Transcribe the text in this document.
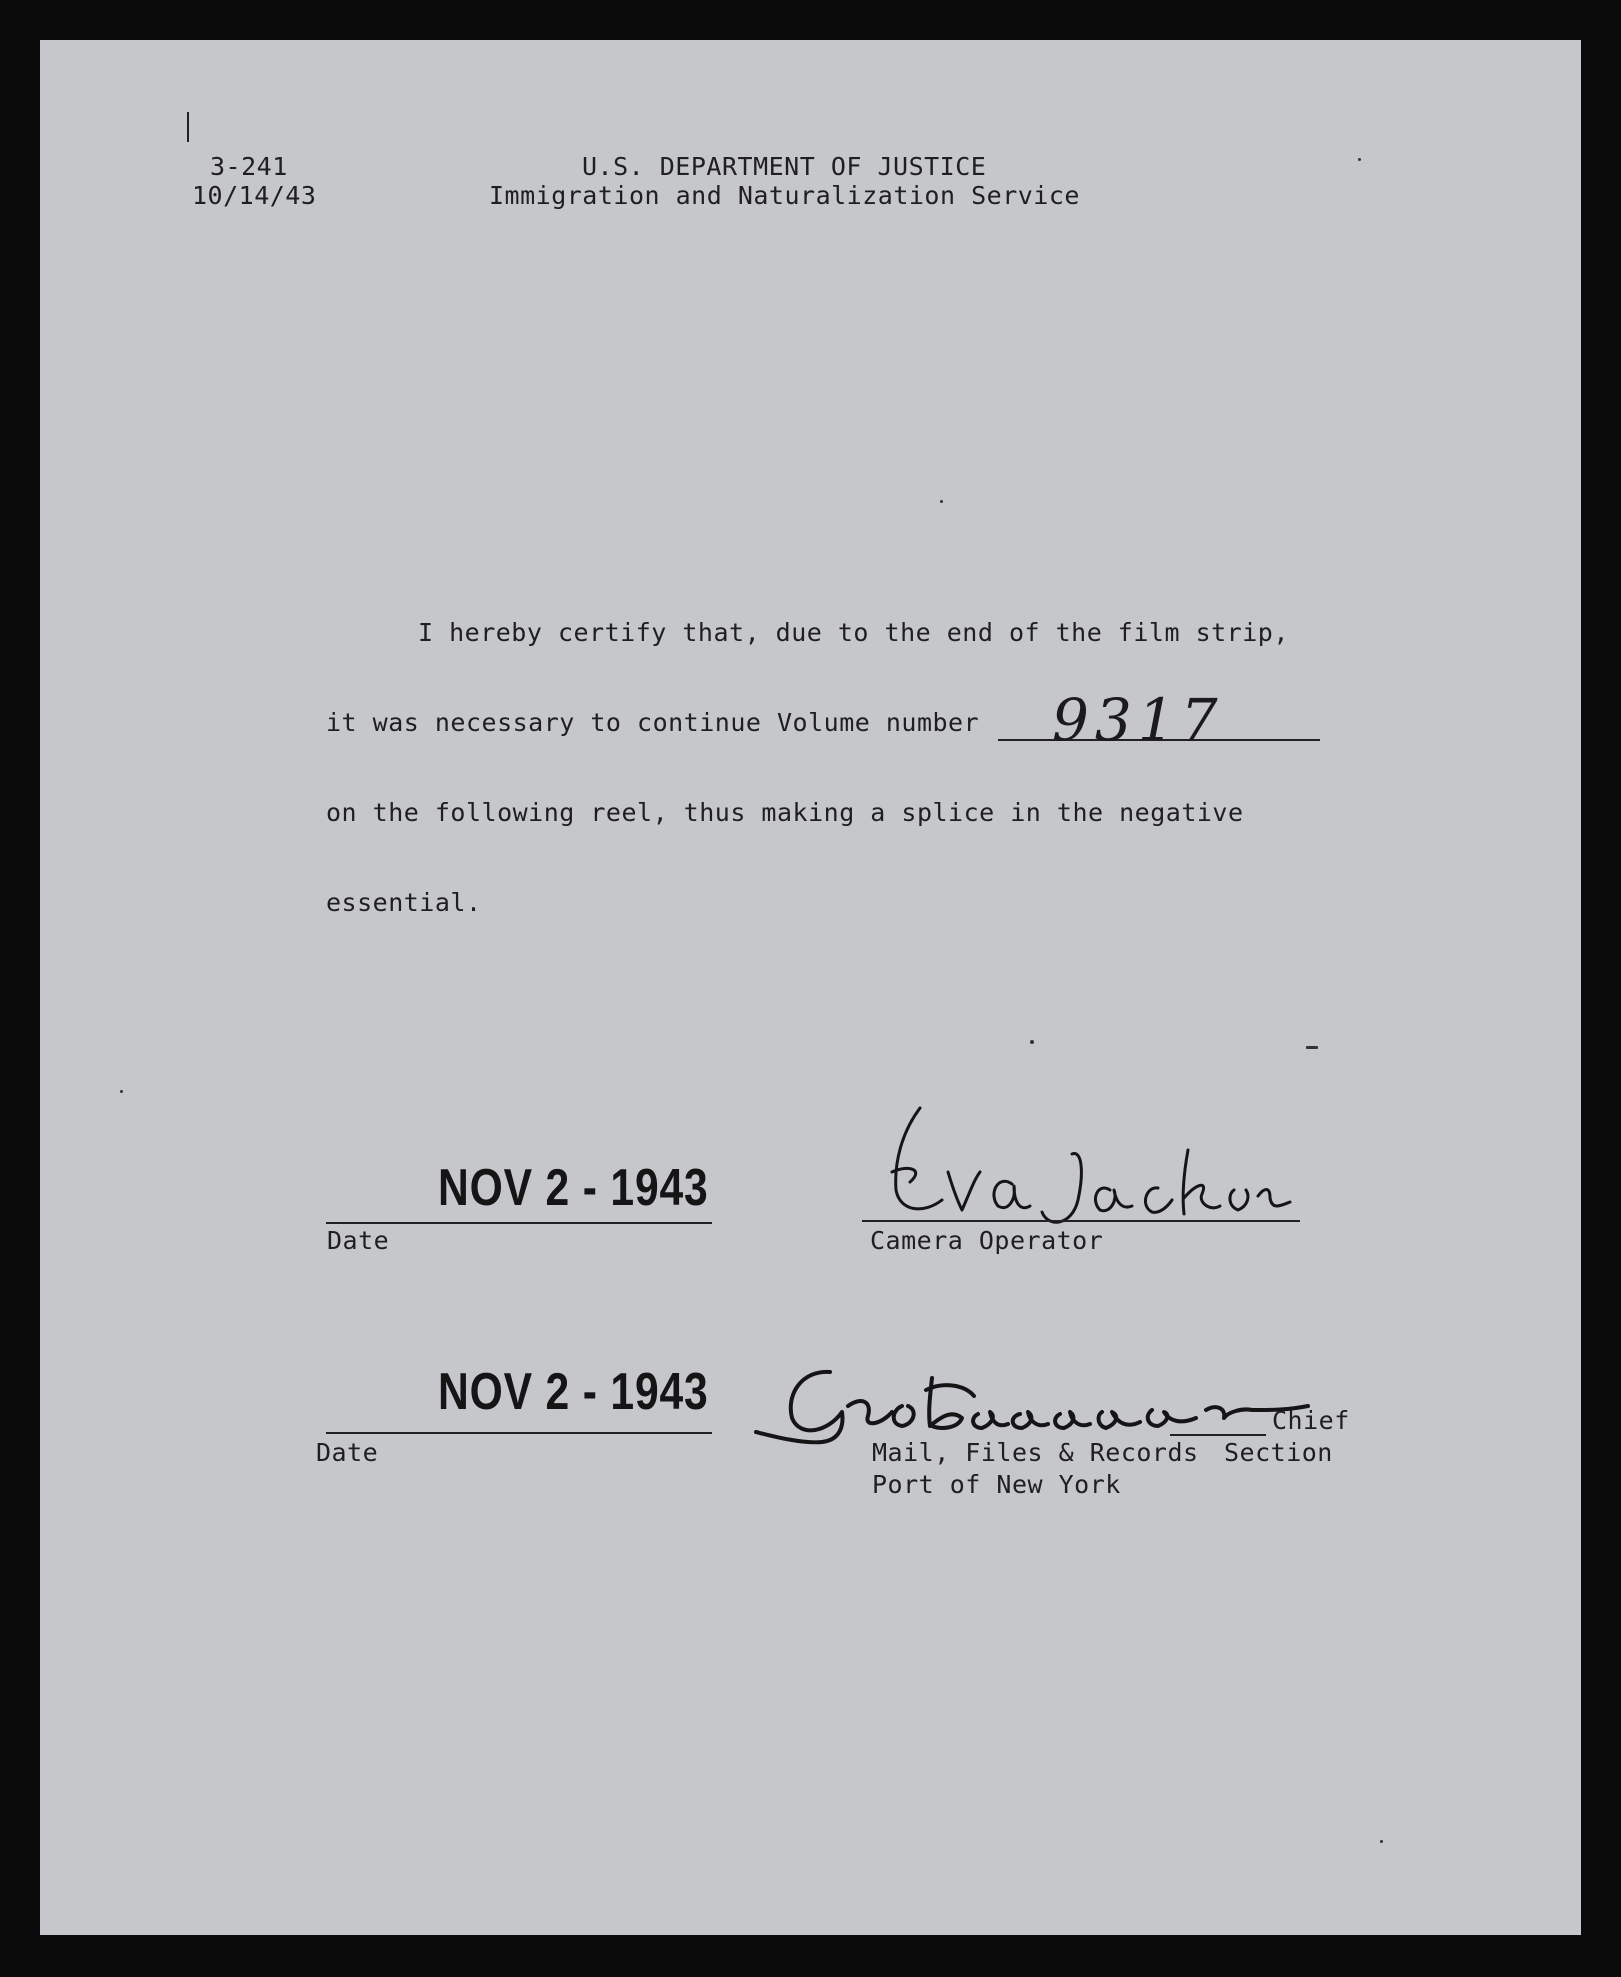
3-241
10/14/43
U.S. DEPARTMENT OF JUSTICE
Immigration and Naturalization Service
I hereby certify that, due to the end of the film strip,
it was necessary to continue Volume number 9317
on the following reel, thus making a splice in the negative
essential.
NOV 2 - 1943
Date	Camera Operator
NOV 2 - 1943
Date
Chief
Mail, Files & Records Section
Port of New York
